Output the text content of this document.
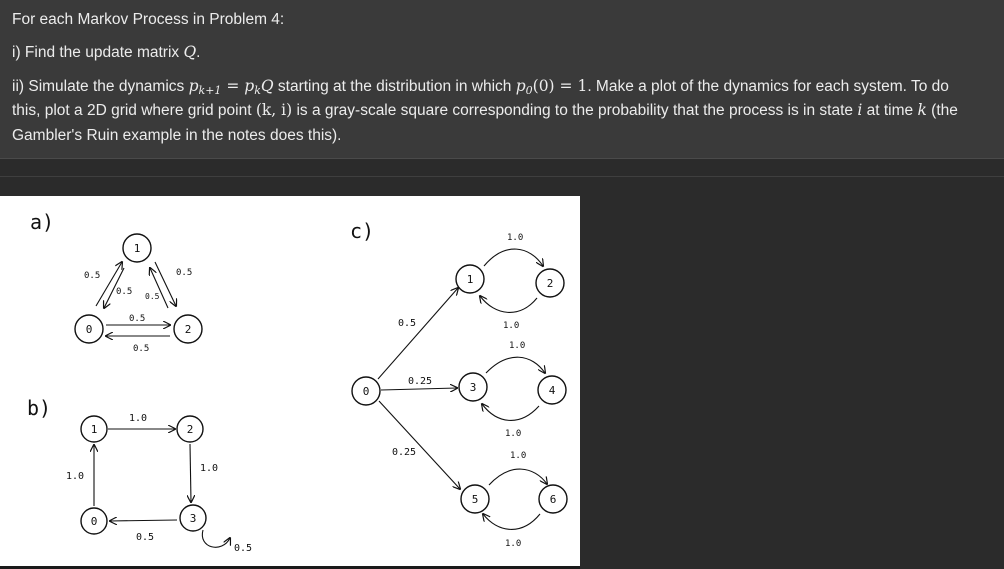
For each Markov Process in Problem 4:
i) Find the update matrix Q.
ii) Simulate the dynamics $p_{k+1} = p_kQ$ starting at the distribution in which $p_0(0) = 1$. Make a plot of the dynamics for each system. To do
this, plot a 2D grid where grid point (k, i) is a gray-scale square corresponding to the probability that the process is in state i at time k (the
Gambler's Ruin example in the notes does this).
a)
1
0	2
0.5
0.5 0.5
0.5
0.5
0.5
b)
1	2
0	3
1.0
1.0
1.0
0.5
0.5
c)
0
1	2
3	4
5	6
0.5
0.25
0.25
1.0
1.0
1.0
1.0
1.0
1.0
